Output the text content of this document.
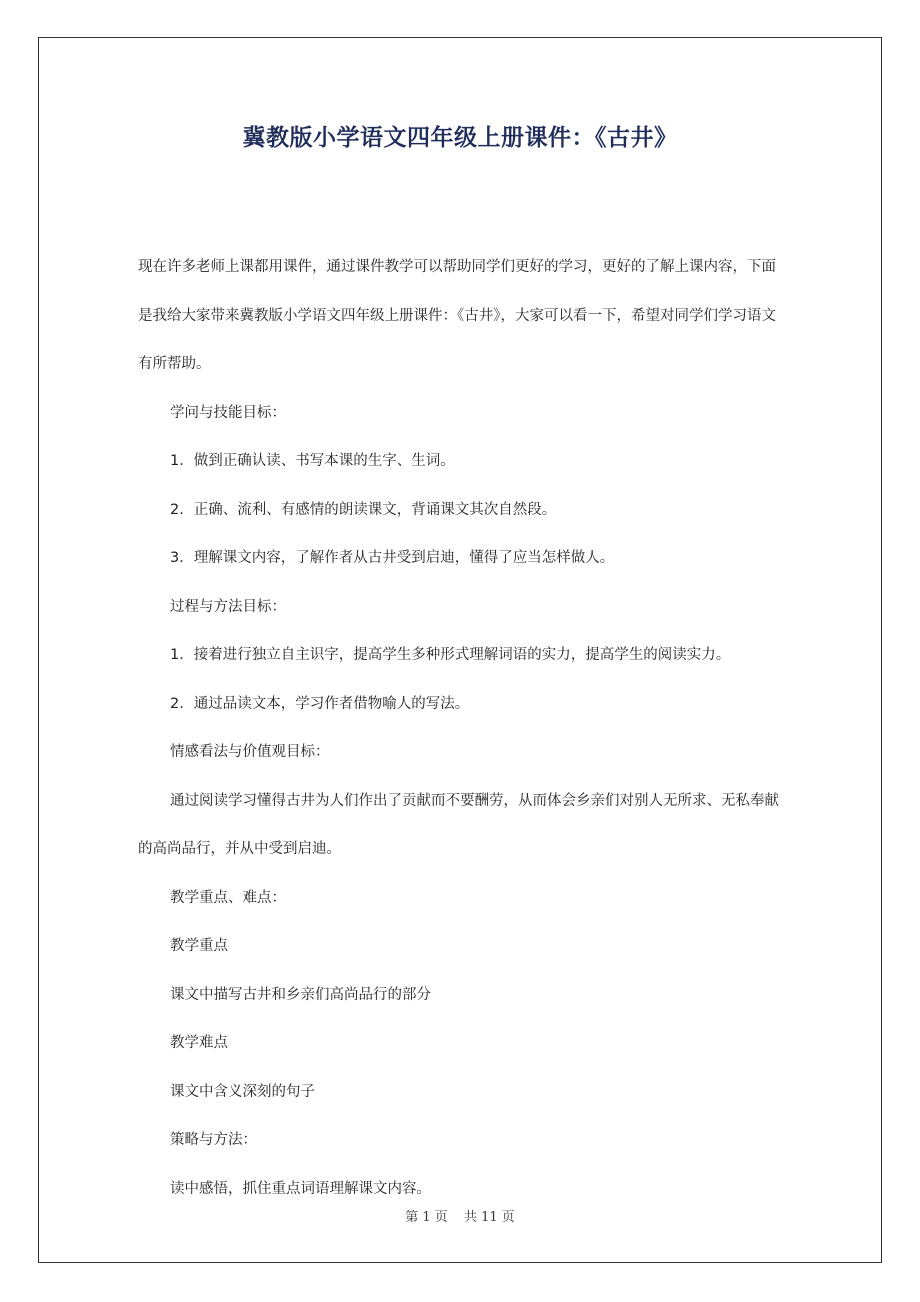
冀教版小学语文四年级上册课件：《古井》

现在许多老师上课都用课件，通过课件教学可以帮助同学们更好的学习，更好的了解上课内容，下面是我给大家带来冀教版小学语文四年级上册课件：《古井》，大家可以看一下，希望对同学们学习语文有所帮助。

学问与技能目标：

1．做到正确认读、书写本课的生字、生词。

2．正确、流利、有感情的朗读课文，背诵课文其次自然段。

3．理解课文内容，了解作者从古井受到启迪，懂得了应当怎样做人。

过程与方法目标：

1．接着进行独立自主识字，提高学生多种形式理解词语的实力，提高学生的阅读实力。

2．通过品读文本，学习作者借物喻人的写法。

情感看法与价值观目标：

通过阅读学习懂得古井为人们作出了贡献而不要酬劳，从而体会乡亲们对别人无所求、无私奉献的高尚品行，并从中受到启迪。

教学重点、难点：

教学重点

课文中描写古井和乡亲们高尚品行的部分

教学难点

课文中含义深刻的句子

策略与方法：

读中感悟，抓住重点词语理解课文内容。

第 1 页 共 11 页
